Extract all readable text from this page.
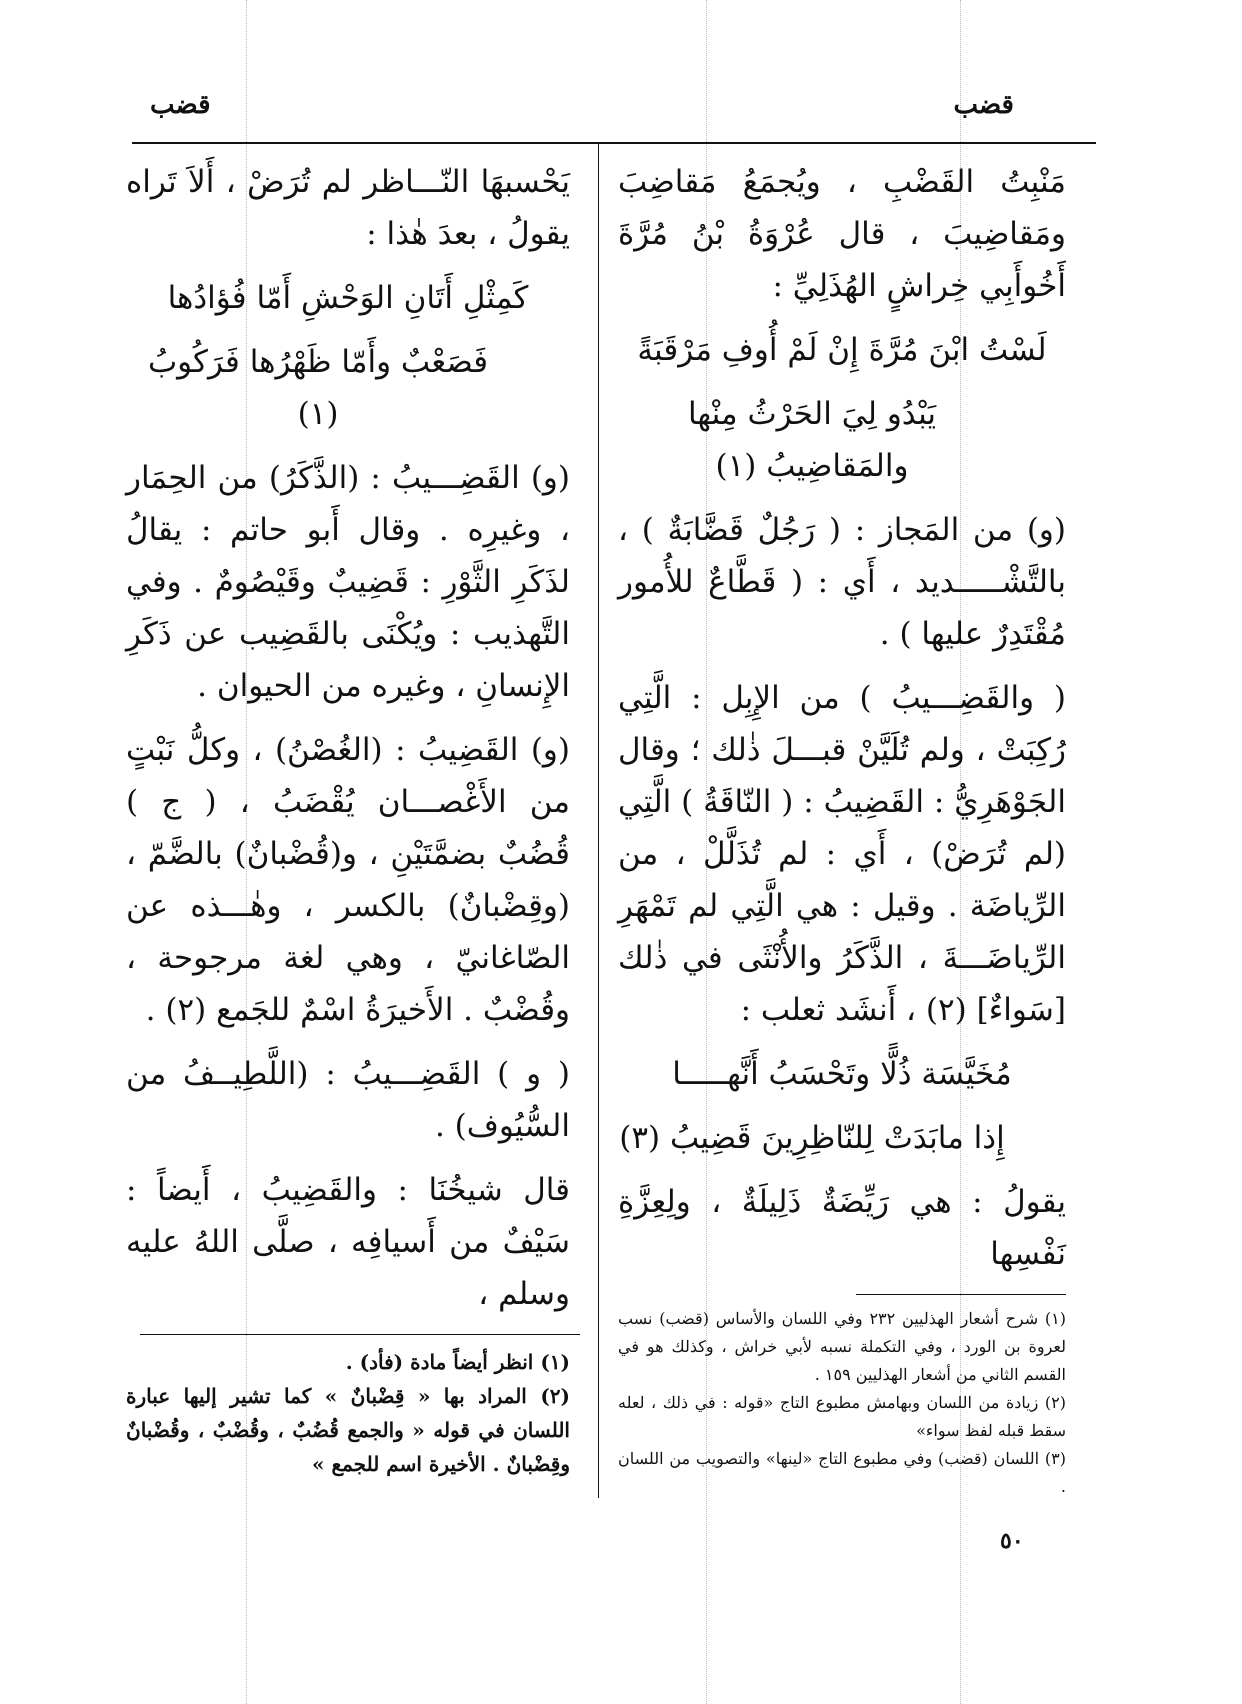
قضب
قضب

مَنْبِتُ القَضْبِ ، ويُجمَعُ مَقاضِبَ ومَقاضِيبَ ، قال عُرْوَةُ بْنُ مُرَّةَ أَخُوأَبِي خِراشٍ الهُذَلِيِّ :

لَسْتُ ابْنَ مُرَّةَ إِنْ لَمْ أُوفِ مَرْقَبَةً

يَبْدُو لِيَ الحَرْثُ مِنْها والمَقاضِيبُ (١)

(و) من المَجاز : ( رَجُلٌ قَضَّابَةٌ ) ، بالتَّشْـــــديد ، أَي : ( قَطَّاعٌ للأُمور مُقْتَدِرٌ عليها ) .

( والقَضِـــيبُ ) من الإِبِل : الَّتِي رُكِبَتْ ، ولم تُلَيَّنْ قبـــلَ ذٰلك ؛ وقال الجَوْهَرِيُّ : القَضِيبُ : ( النّاقَةُ ) الَّتِي (لم تُرَضْ) ، أَي : لم تُذَلَّلْ ، من الرِّياضَة . وقيل : هي الَّتِي لم تَمْهَرِ الرِّياضَـــةَ ، الذَّكَرُ والأُنْثَى في ذٰلك [سَواءٌ] (٢) ، أَنشَد ثعلب :

مُخَيَّسَة ذُلًّا وتَحْسَبُ أَنَّهـــــا

إِذا مابَدَتْ لِلنّاظِرِينَ قَضِيبُ (٣)

يقولُ : هي رَيِّضَةٌ ذَلِيلَةٌ ، ولِعِزَّةِ نَفْسِها

(١) شرح أشعار الهذليين ٢٣٢ وفي اللسان والأساس (قضب) نسب لعروة بن الورد ، وفي التكملة نسبه لأبي خراش ، وكذلك هو في القسم الثاني من أشعار الهذليين ١٥٩ .

(٢) زيادة من اللسان وبهامش مطبوع التاج «قوله : في ذلك ، لعله سقط قبله لفظ سواء»

(٣) اللسان (قضب) وفي مطبوع التاج «لينها» والتصويب من اللسان .

يَحْسبهَا النّـــاظر لم تُرَضْ ، أَلاَ تَراه يقولُ ، بعدَ هٰذا :

كَمِثْلِ أَتَانِ الوَحْشِ أَمّا فُؤادُها

فَصَعْبٌ وأَمّا ظَهْرُها فَرَكُوبُ (١)

(و) القَضِـــيبُ : (الذَّكَرُ) من الحِمَار ، وغيرِه . وقال أَبو حاتم : يقالُ لذَكَرِ الثَّوْرِ : قَضِيبٌ وقَيْصُومٌ . وفي التَّهذيب : ويُكْنَى بالقَضِيب عن ذَكَرِ الإِنسانِ ، وغيره من الحيوان .

(و) القَضِيبُ : (الغُصْنُ) ، وكلُّ نَبْتٍ من الأَغْصـــان يُقْضَبُ ، ( ج ) قُضُبٌ بضمَّتَيْنِ ، و(قُضْبانٌ) بالضَّمّ ، (وقِضْبانٌ) بالكسر ، وهٰـــذه عن الصّاغانيّ ، وهي لغة مرجوحة ، وقُضْبٌ . الأَخيرَةُ اسْمٌ للجَمع (٢) .

( و ) القَضِـــيبُ : (اللَّطِيــفُ من السُّيُوف) .

قال شيخُنَا : والقَضِيبُ ، أَيضاً : سَيْفٌ من أَسيافِه ، صلَّى اللهُ عليه وسلم ،

(١) انظر أيضاً مادة (فأد) .

(٢) المراد بها « قِضْبانٌ » كما تشير إليها عبارة اللسان في قوله « والجمع قُضُبٌ ، وقُضْبٌ ، وقُضْبانٌ وقِضْبانٌ . الأخيرة اسم للجمع »

٥٠
